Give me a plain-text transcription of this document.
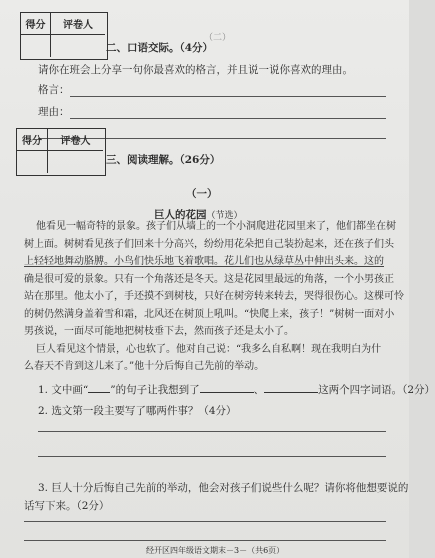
得分	评卷人
二、口语交际。（4分）
（二）
请你在班会上分享一句你最喜欢的格言，并且说一说你喜欢的理由。
格言：
理由：
得分	评卷人
三、阅读理解。（26分）
（一）
巨人的花园（节选）
他看见一幅奇特的景象。孩子们从墙上的一个小洞爬进花园里来了，他们都坐在树
树上面。树树看见孩子们回来十分高兴，纷纷用花朵把自己装扮起来，还在孩子们头
上轻轻地舞动胳膊。小鸟们快乐地飞着歌唱。花儿们也从绿草丛中伸出头来。这的
确是很可爱的景象。只有一个角落还是冬天。这是花园里最远的角落，一个小男孩正
站在那里。他太小了，手还摸不到树枝，只好在树旁转来转去，哭得很伤心。这棵可怜
的树仍然满身盖着雪和霜，北风还在树顶上吼叫。“快爬上来，孩子！”树树一面对小
男孩说，一面尽可能地把树枝垂下去，然而孩子还是太小了。
巨人看见这个情景，心也软了。他对自己说：“我多么自私啊！现在我明白为什
么春天不肯到这儿来了。”他十分后悔自己先前的举动。
1. 文中画“ ”的句子让我想到了	、	这两个四字词语。（2分）
2. 选文第一段主要写了哪两件事？（4分）
3. 巨人十分后悔自己先前的举动，他会对孩子们说些什么呢？请你将他想要说的
话写下来。（2分）
经开区四年级语文期末－3－（共6页）
